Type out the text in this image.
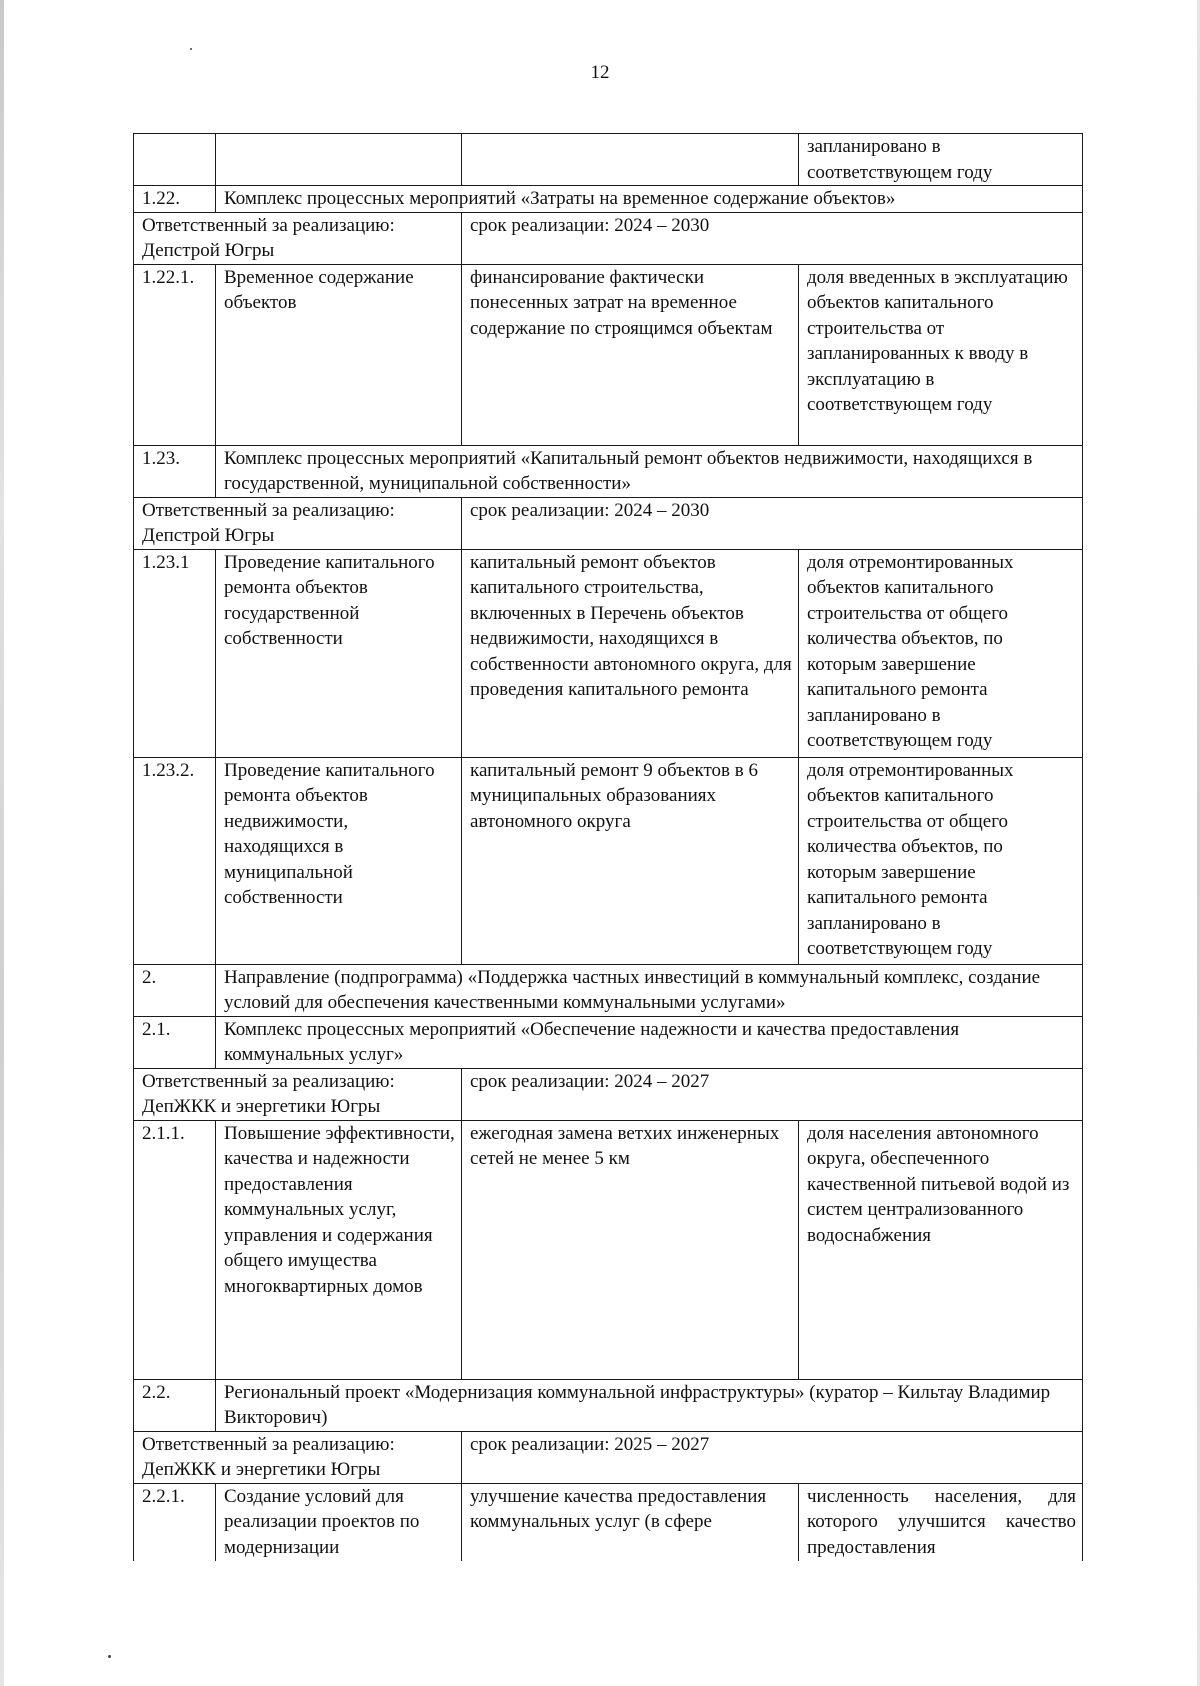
12
			запланировано в соответствующем году
1.22.	Комплекс процессных мероприятий «Затраты на временное содержание объектов»		
Ответственный за реализацию: Депстрой Югры		срок реализации: 2024 – 2030	
1.22.1.	Временное содержание объектов	финансирование фактически понесенных затрат на временное содержание по строящимся объектам	доля введенных в эксплуатацию объектов капитального строительства от запланированных к вводу в эксплуатацию в соответствующем году
1.23.	Комплекс процессных мероприятий «Капитальный ремонт объектов недвижимости, находящихся в государственной, муниципальной собственности»		
Ответственный за реализацию: Депстрой Югры		срок реализации: 2024 – 2030	
1.23.1	Проведение капитального ремонта объектов государственной собственности	капитальный ремонт объектов капитального строительства, включенных в Перечень объектов недвижимости, находящихся в собственности автономного округа, для проведения капитального ремонта	доля отремонтированных объектов капитального строительства от общего количества объектов, по которым завершение капитального ремонта запланировано в соответствующем году
1.23.2.	Проведение капитального ремонта объектов недвижимости, находящихся в муниципальной собственности	капитальный ремонт 9 объектов в 6 муниципальных образованиях автономного округа	доля отремонтированных объектов капитального строительства от общего количества объектов, по которым завершение капитального ремонта запланировано в соответствующем году
2.	Направление (подпрограмма) «Поддержка частных инвестиций в коммунальный комплекс, создание условий для обеспечения качественными коммунальными услугами»		
2.1.	Комплекс процессных мероприятий «Обеспечение надежности и качества предоставления коммунальных услуг»		
Ответственный за реализацию: ДепЖКК и энергетики Югры		срок реализации: 2024 – 2027	
2.1.1.	Повышение эффективности, качества и надежности предоставления коммунальных услуг, управления и содержания общего имущества многоквартирных домов	ежегодная замена ветхих инженерных сетей не менее 5 км	доля населения автономного округа, обеспеченного качественной питьевой водой из систем централизованного водоснабжения
2.2.	Региональный проект «Модернизация коммунальной инфраструктуры» (куратор – Кильтау Владимир Викторович)		
Ответственный за реализацию: ДепЖКК и энергетики Югры		срок реализации: 2025 – 2027	
2.2.1.	Создание условий для реализации проектов по модернизации	улучшение качества предоставления коммунальных услуг (в сфере	численность населения, для которого улучшится качество предоставления
